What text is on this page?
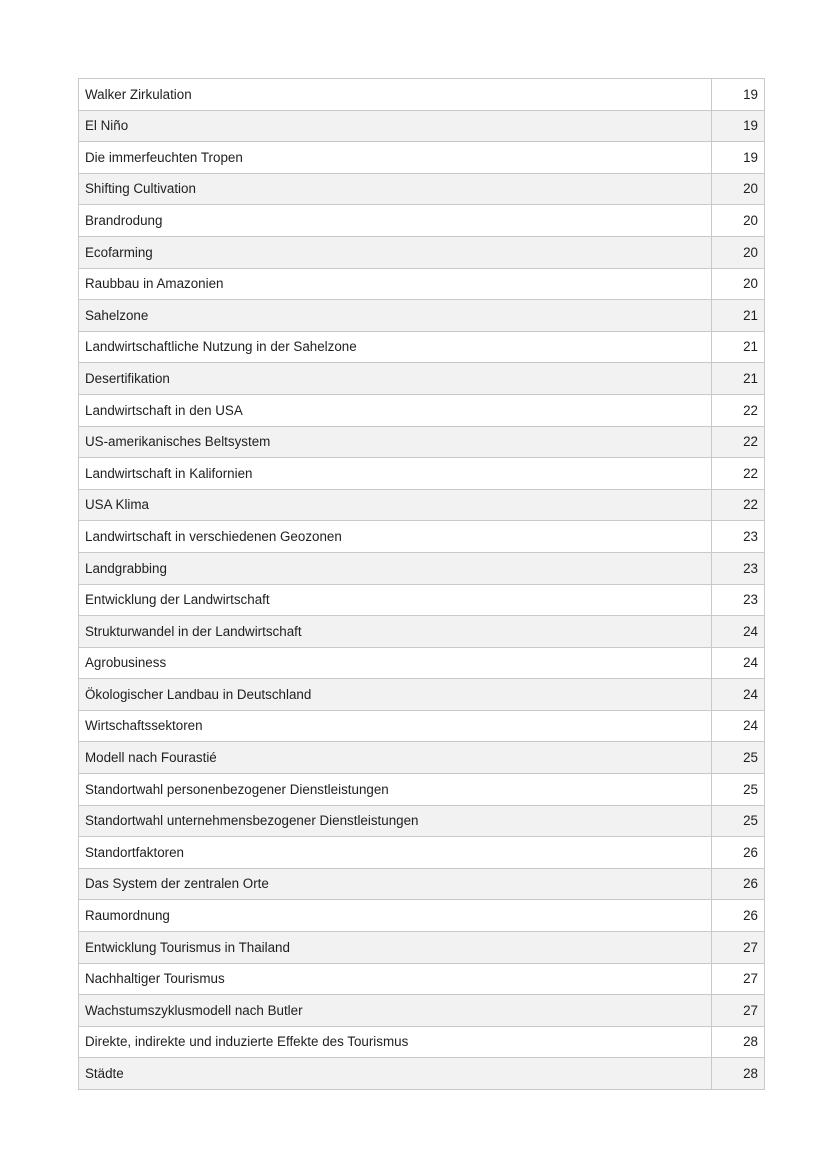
Walker Zirkulation	19
El Niño	19
Die immerfeuchten Tropen	19
Shifting Cultivation	20
Brandrodung	20
Ecofarming	20
Raubbau in Amazonien	20
Sahelzone	21
Landwirtschaftliche Nutzung in der Sahelzone	21
Desertifikation	21
Landwirtschaft in den USA	22
US-amerikanisches Beltsystem	22
Landwirtschaft in Kalifornien	22
USA Klima	22
Landwirtschaft in verschiedenen Geozonen	23
Landgrabbing	23
Entwicklung der Landwirtschaft	23
Strukturwandel in der Landwirtschaft	24
Agrobusiness	24
Ökologischer Landbau in Deutschland	24
Wirtschaftssektoren	24
Modell nach Fourastié	25
Standortwahl personenbezogener Dienstleistungen	25
Standortwahl unternehmensbezogener Dienstleistungen	25
Standortfaktoren	26
Das System der zentralen Orte	26
Raumordnung	26
Entwicklung Tourismus in Thailand	27
Nachhaltiger Tourismus	27
Wachstumszyklusmodell nach Butler	27
Direkte, indirekte und induzierte Effekte des Tourismus	28
Städte	28
